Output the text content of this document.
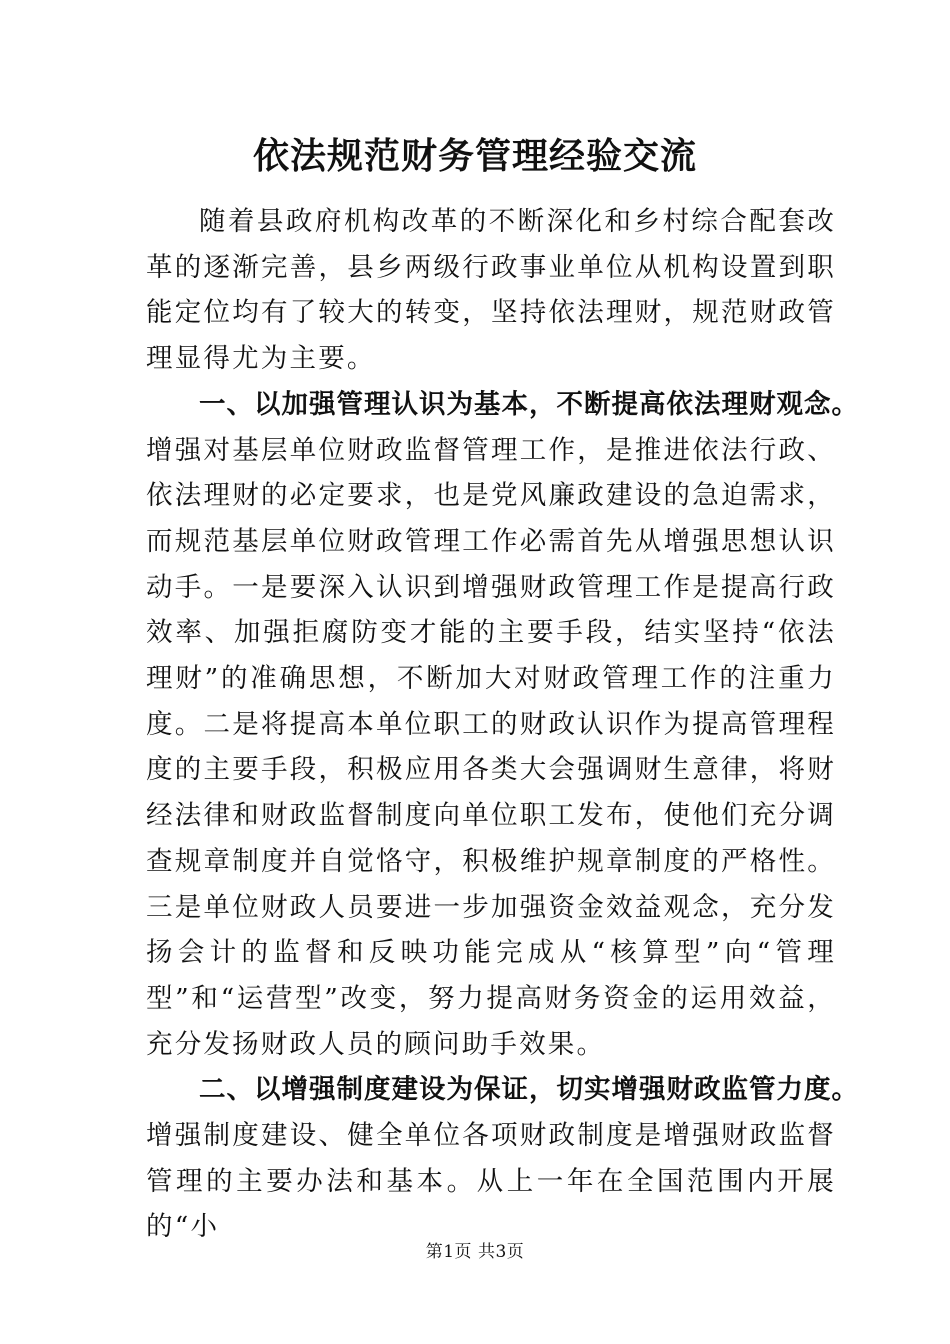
依法规范财务管理经验交流

随着县政府机构改革的不断深化和乡村综合配套改革的逐渐完善，县乡两级行政事业单位从机构设置到职能定位均有了较大的转变，坚持依法理财，规范财政管理显得尤为主要。

一、以加强管理认识为基本，不断提高依法理财观念。

增强对基层单位财政监督管理工作，是推进依法行政、依法理财的必定要求，也是党风廉政建设的急迫需求，而规范基层单位财政管理工作必需首先从增强思想认识动手。一是要深入认识到增强财政管理工作是提高行政效率、加强拒腐防变才能的主要手段，结实坚持“依法理财”的准确思想，不断加大对财政管理工作的注重力度。二是将提高本单位职工的财政认识作为提高管理程度的主要手段，积极应用各类大会强调财生意律，将财经法律和财政监督制度向单位职工发布，使他们充分调查规章制度并自觉恪守，积极维护规章制度的严格性。三是单位财政人员要进一步加强资金效益观念，充分发扬会计的监督和反映功能完成从“核算型”向“管理型”和“运营型”改变，努力提高财务资金的运用效益，充分发扬财政人员的顾问助手效果。

二、以增强制度建设为保证，切实增强财政监管力度。

增强制度建设、健全单位各项财政制度是增强财政监督管理的主要办法和基本。从上一年在全国范围内开展的“小

第1页 共3页
